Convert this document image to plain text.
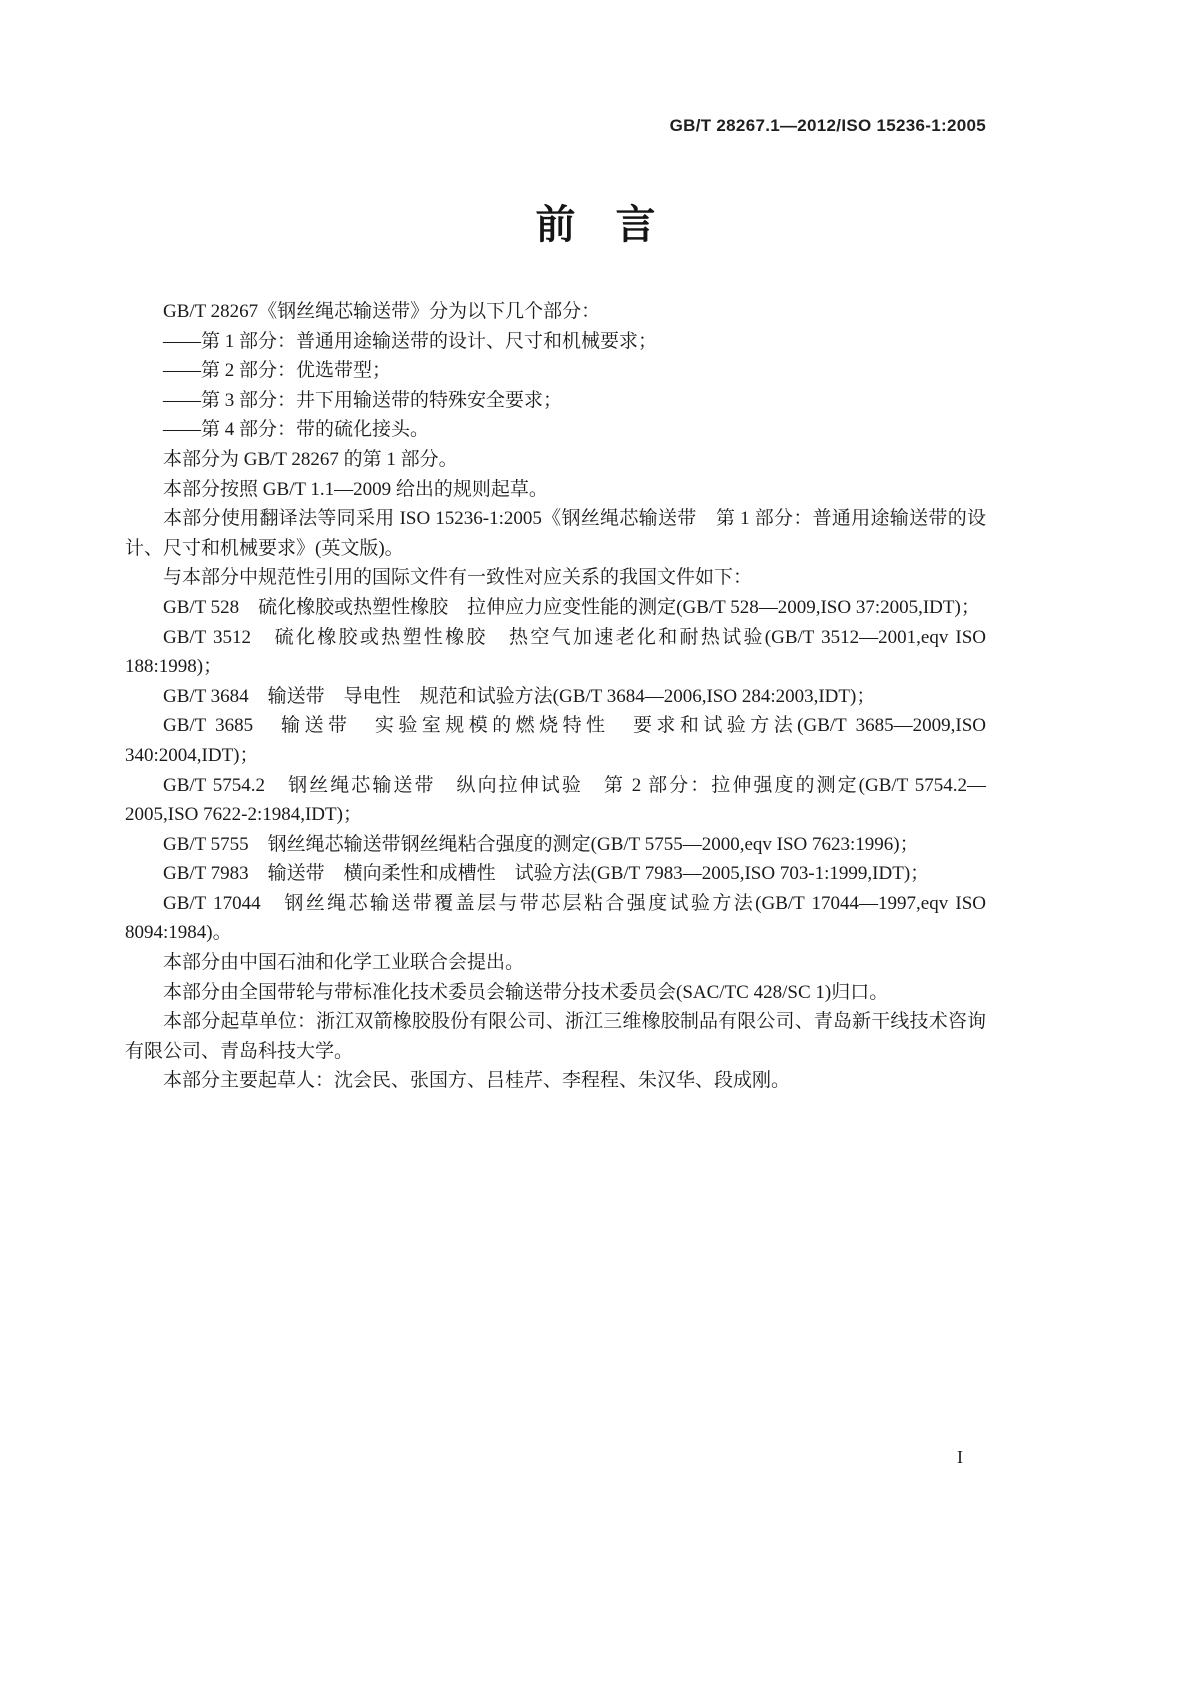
GB/T 28267.1—2012/ISO 15236-1:2005
前　言

GB/T 28267《钢丝绳芯输送带》分为以下几个部分：

——第 1 部分：普通用途输送带的设计、尺寸和机械要求；

——第 2 部分：优选带型；

——第 3 部分：井下用输送带的特殊安全要求；

——第 4 部分：带的硫化接头。

本部分为 GB/T 28267 的第 1 部分。

本部分按照 GB/T 1.1—2009 给出的规则起草。

本部分使用翻译法等同采用 ISO 15236-1:2005《钢丝绳芯输送带　第 1 部分：普通用途输送带的设计、尺寸和机械要求》(英文版)。

与本部分中规范性引用的国际文件有一致性对应关系的我国文件如下：

GB/T 528　硫化橡胶或热塑性橡胶　拉伸应力应变性能的测定(GB/T 528—2009,ISO 37:2005,IDT)；

GB/T 3512　硫化橡胶或热塑性橡胶　热空气加速老化和耐热试验(GB/T 3512—2001,eqv ISO 188:1998)；

GB/T 3684　输送带　导电性　规范和试验方法(GB/T 3684—2006,ISO 284:2003,IDT)；

GB/T 3685　输送带　实验室规模的燃烧特性　要求和试验方法(GB/T 3685—2009,ISO 340:2004,IDT)；

GB/T 5754.2　钢丝绳芯输送带　纵向拉伸试验　第 2 部分：拉伸强度的测定(GB/T 5754.2—2005,ISO 7622-2:1984,IDT)；

GB/T 5755　钢丝绳芯输送带钢丝绳粘合强度的测定(GB/T 5755—2000,eqv ISO 7623:1996)；

GB/T 7983　输送带　横向柔性和成槽性　试验方法(GB/T 7983—2005,ISO 703-1:1999,IDT)；

GB/T 17044　钢丝绳芯输送带覆盖层与带芯层粘合强度试验方法(GB/T 17044—1997,eqv ISO 8094:1984)。

本部分由中国石油和化学工业联合会提出。

本部分由全国带轮与带标准化技术委员会输送带分技术委员会(SAC/TC 428/SC 1)归口。

本部分起草单位：浙江双箭橡胶股份有限公司、浙江三维橡胶制品有限公司、青岛新干线技术咨询有限公司、青岛科技大学。

本部分主要起草人：沈会民、张国方、吕桂芹、李程程、朱汉华、段成刚。

I
